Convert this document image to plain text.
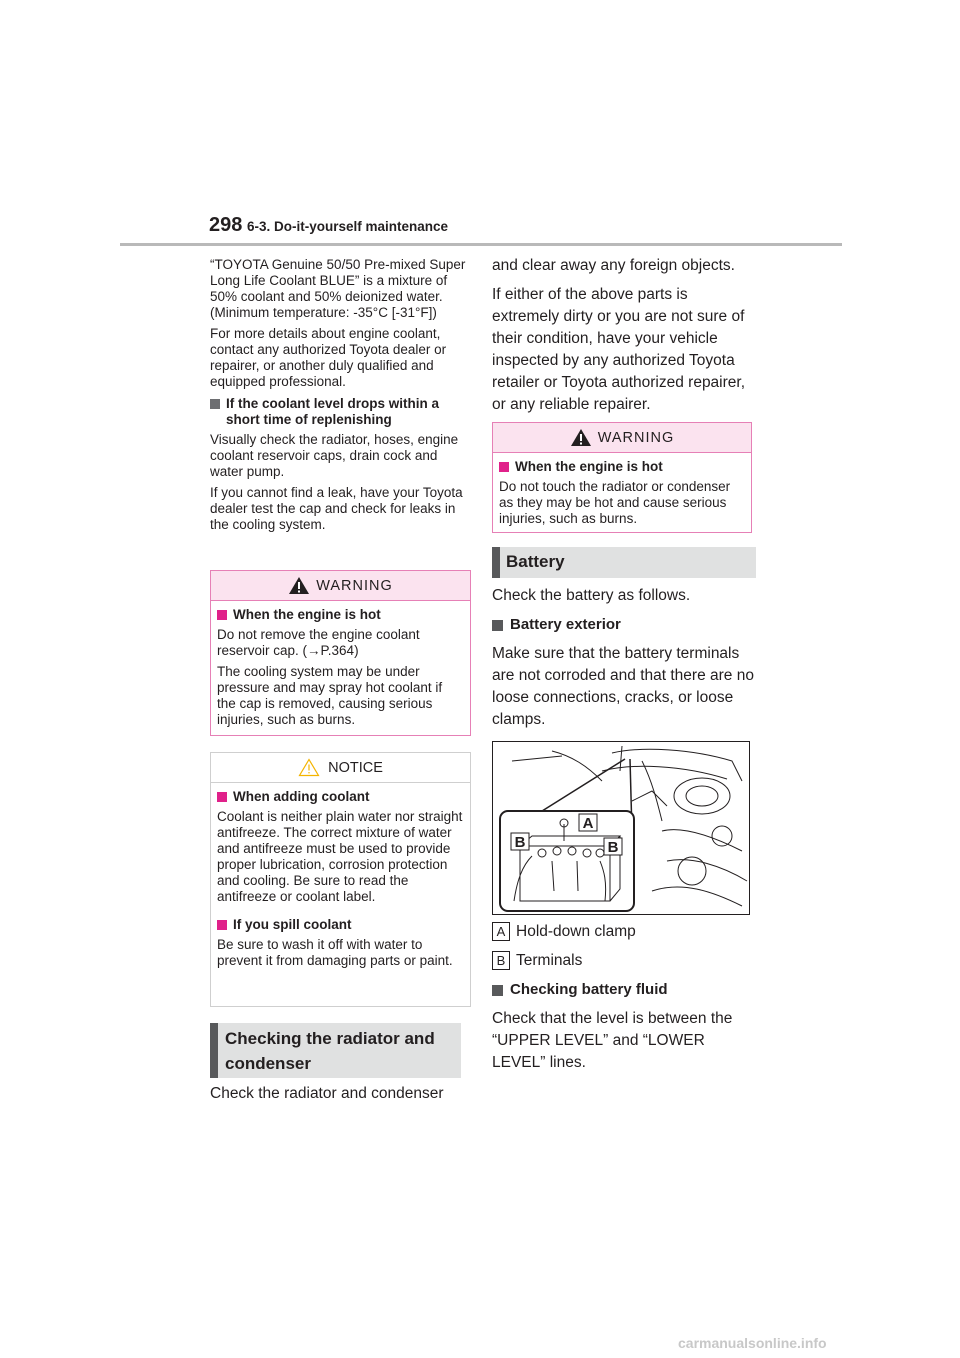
298 6-3. Do-it-yourself maintenance

“TOYOTA Genuine 50/50 Pre-mixed Super Long Life Coolant BLUE” is a mixture of 50% coolant and 50% deionized water. (Minimum temperature: -35°C [-31°F])

For more details about engine coolant, contact any authorized Toyota dealer or repairer, or another duly qualified and equipped professional.

If the coolant level drops within a short time of replenishing

Visually check the radiator, hoses, engine coolant reservoir caps, drain cock and water pump.

If you cannot find a leak, have your Toyota dealer test the cap and check for leaks in the cooling system.

WARNING
When the engine is hot

Do not remove the engine coolant reservoir cap. (→P.364)

The cooling system may be under pressure and may spray hot coolant if the cap is removed, causing serious injuries, such as burns.

NOTICE
When adding coolant

Coolant is neither plain water nor straight antifreeze. The correct mixture of water and antifreeze must be used to provide proper lubrication, corrosion protection and cooling. Be sure to read the antifreeze or coolant label.

If you spill coolant

Be sure to wash it off with water to prevent it from damaging parts or paint.

Checking the radiator and condenser
Check the radiator and condenser

and clear away any foreign objects.

If either of the above parts is extremely dirty or you are not sure of their condition, have your vehicle inspected by any authorized Toyota retailer or Toyota authorized repairer, or any reliable repairer.

WARNING
When the engine is hot

Do not touch the radiator or condenser as they may be hot and cause serious injuries, such as burns.

Battery

Check the battery as follows.

Battery exterior

Make sure that the battery terminals are not corroded and that there are no loose connections, cracks, or loose clamps.

A
B	B
A Hold-down clamp
B Terminals
Checking battery fluid

Check that the level is between the “UPPER LEVEL” and “LOWER LEVEL” lines.

carmanualsonline.info
